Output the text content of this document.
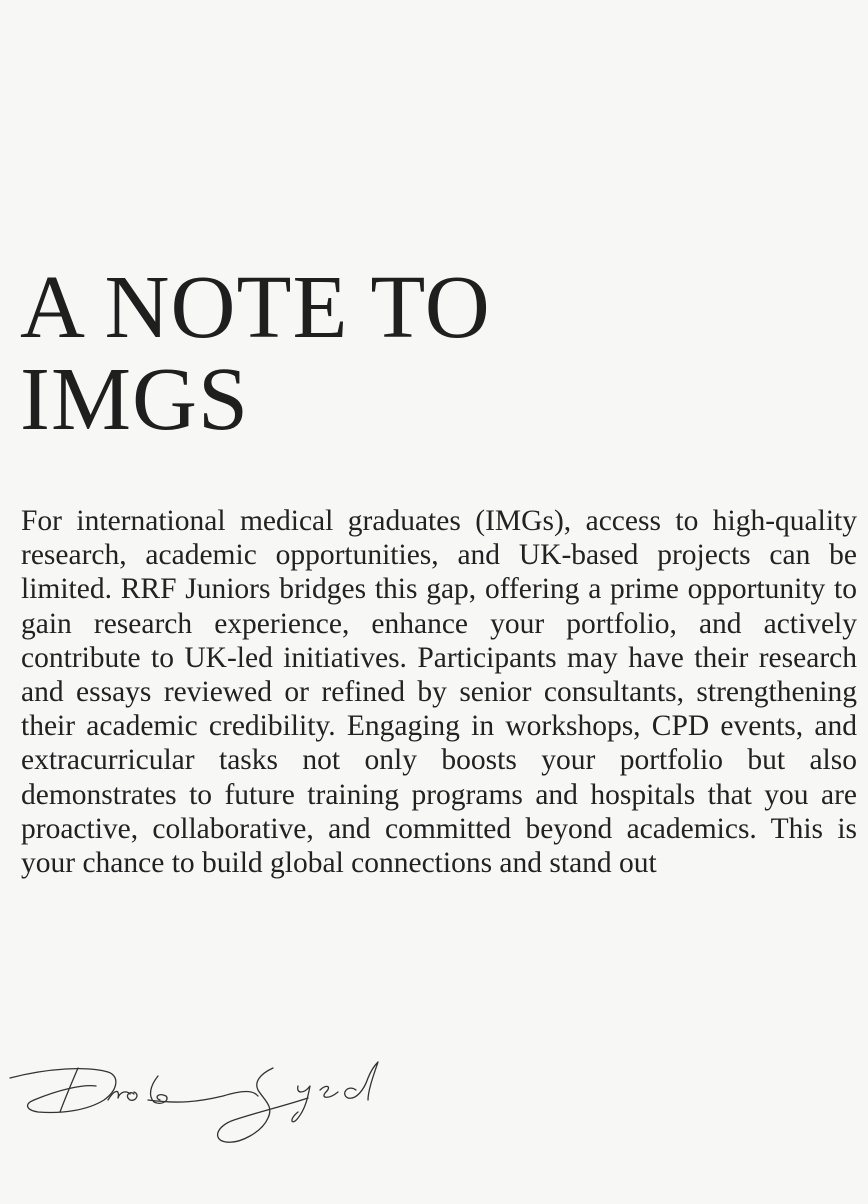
A NOTE TO
IMGS

For international medical graduates (IMGs), access to high-quality research, academic opportunities, and UK-based projects can be limited. RRF Juniors bridges this gap, offering a prime opportunity to gain research experience, enhance your portfolio, and actively contribute to UK-led initiatives. Participants may have their research and essays reviewed or refined by senior consultants, strengthening their academic credibility. Engaging in workshops, CPD events, and extracurricular tasks not only boosts your portfolio but also demonstrates to future training programs and hospitals that you are proactive, collaborative, and committed beyond academics. This is your chance to build global connections and stand out
